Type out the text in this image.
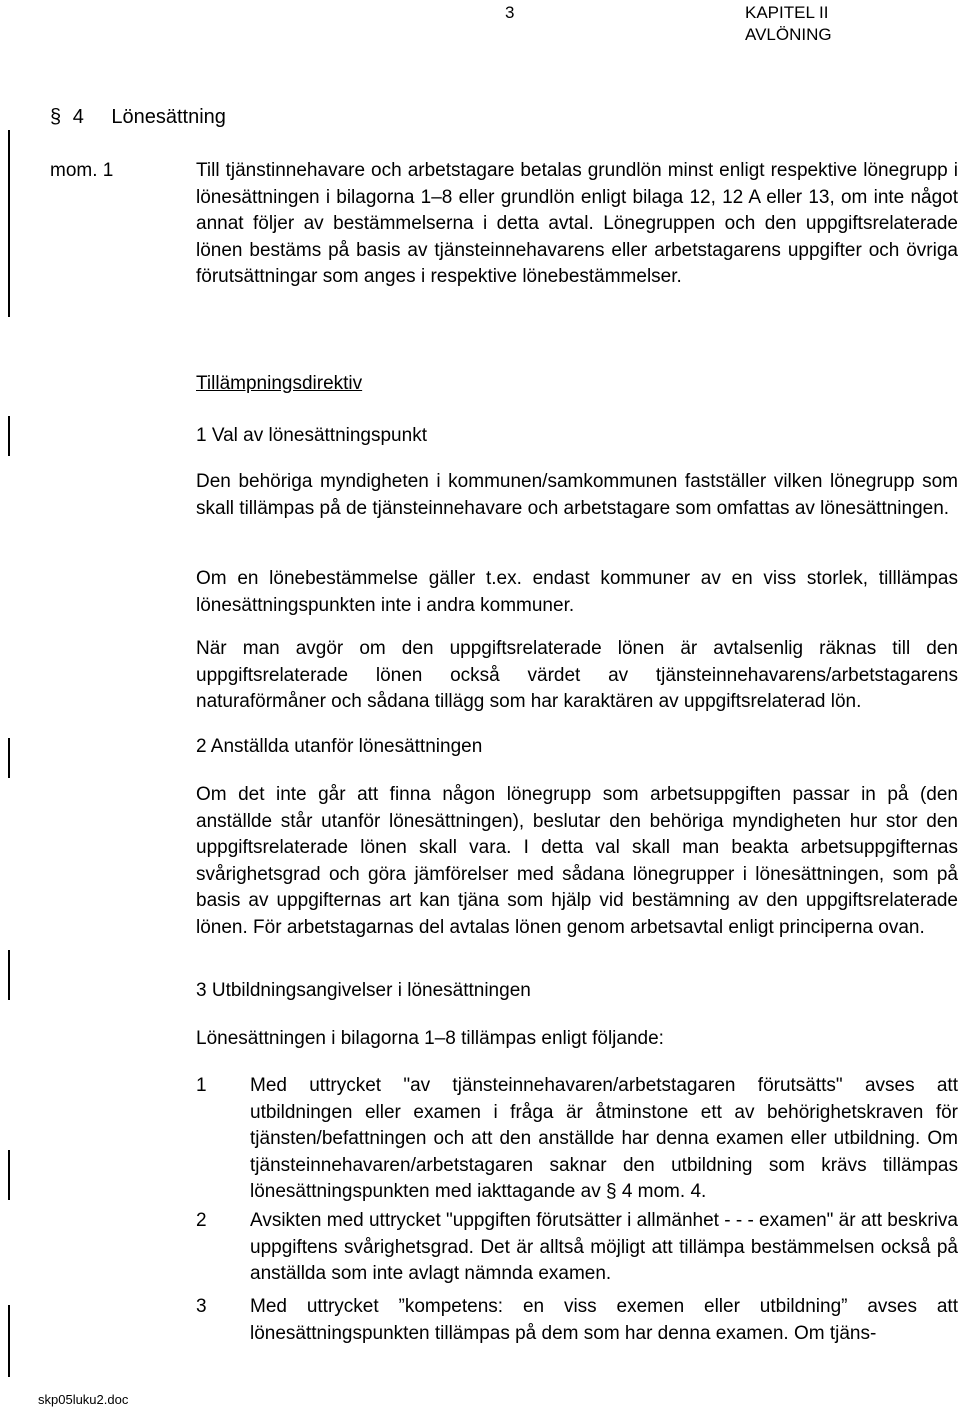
3	KAPITEL II
AVLÖNING
§ 4 Lönesättning
mom. 1	Till tjänstinnehavare och arbetstagare betalas grundlön minst enligt respektive lönegrupp i lönesättningen i bilagorna 1–8 eller grundlön enligt bilaga 12, 12 A eller 13, om inte något annat följer av bestämmelserna i detta avtal. Lönegruppen och den uppgiftsrelaterade lönen bestäms på basis av tjänsteinnehavarens eller arbetstagarens uppgifter och övriga förutsättningar som anges i respektive lönebestämmelser.
Tillämpningsdirektiv
1 Val av lönesättningspunkt
Den behöriga myndigheten i kommunen/samkommunen fastställer vilken lönegrupp som skall tillämpas på de tjänsteinnehavare och arbetstagare som omfattas av lönesättningen.
Om en lönebestämmelse gäller t.ex. endast kommuner av en viss storlek, tilllämpas lönesättningspunkten inte i andra kommuner.
När man avgör om den uppgiftsrelaterade lönen är avtalsenlig räknas till den uppgiftsrelaterade lönen också värdet av tjänsteinnehavarens/arbetstagarens naturaförmåner och sådana tillägg som har karaktären av uppgiftsrelaterad lön.
2 Anställda utanför lönesättningen
Om det inte går att finna någon lönegrupp som arbetsuppgiften passar in på (den anställde står utanför lönesättningen), beslutar den behöriga myndigheten hur stor den uppgiftsrelaterade lönen skall vara. I detta val skall man beakta arbetsuppgifternas svårighetsgrad och göra jämförelser med sådana lönegrupper i lönesättningen, som på basis av uppgifternas art kan tjäna som hjälp vid bestämning av den uppgiftsrelaterade lönen. För arbetstagarnas del avtalas lönen genom arbetsavtal enligt principerna ovan.
3 Utbildningsangivelser i lönesättningen
Lönesättningen i bilagorna 1–8 tillämpas enligt följande:
1 Med uttrycket "av tjänsteinnehavaren/arbetstagaren förutsätts" avses att utbildningen eller examen i fråga är åtminstone ett av behörighetskraven för tjänsten/befattningen och att den anställde har denna examen eller utbildning. Om tjänsteinnehavaren/arbetstagaren saknar den utbildning som krävs tillämpas lönesättningspunkten med iakttagande av § 4 mom. 4.
2 Avsikten med uttrycket "uppgiften förutsätter i allmänhet - - - examen" är att beskriva uppgiftens svårighetsgrad. Det är alltså möjligt att tillämpa bestämmelsen också på anställda som inte avlagt nämnda examen.
3 Med uttrycket ”kompetens: en viss exemen eller utbildning” avses att lönesättningspunkten tillämpas på dem som har denna examen. Om tjäns-
skp05luku2.doc
